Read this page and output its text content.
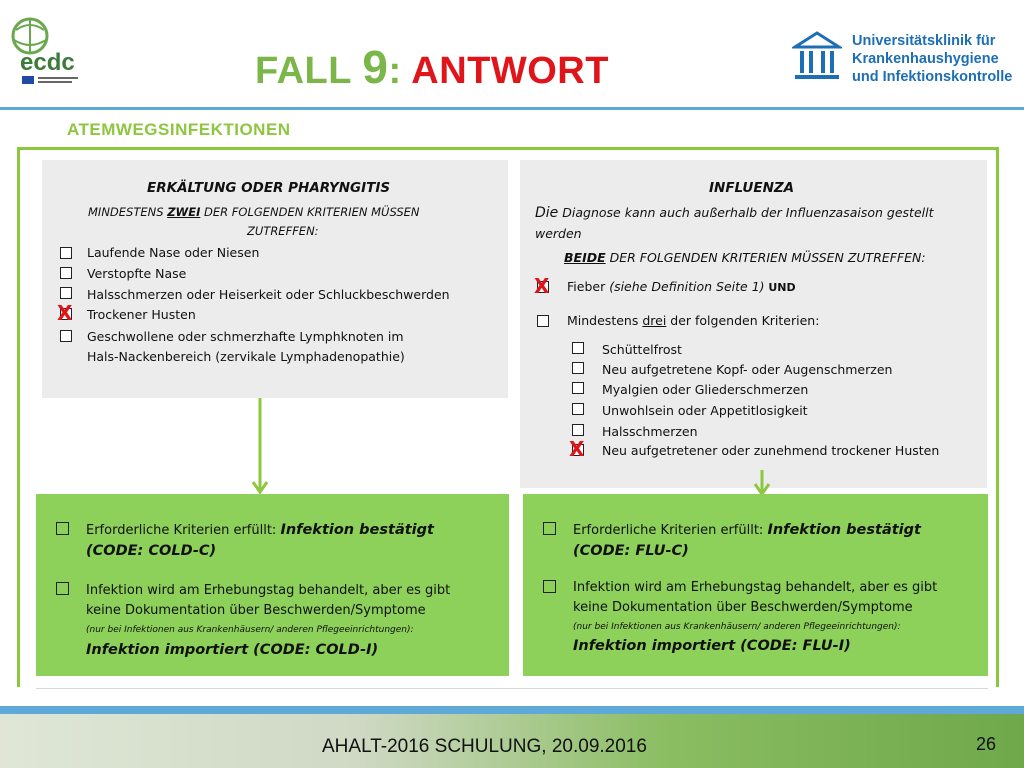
ecdc	FALL 9: ANTWORT
Universitätsklinik für
Krankenhaushygiene
und Infektionskontrolle
ATEMWEGSINFEKTIONEN
ERKÄLTUNG ODER PHARYNGITIS
MINDESTENS ZWEI DER FOLGENDEN KRITERIEN MÜSSEN
ZUTREFFEN:
Laufende Nase oder Niesen
Verstopfte Nase
Halsschmerzen oder Heiserkeit oder Schluckbeschwerden
X Trockener Husten
Geschwollene oder schmerzhafte Lymphknoten im
Hals-Nackenbereich (zervikale Lymphadenopathie)
INFLUENZA
Die Diagnose kann auch außerhalb der Influenzasaison gestellt
werden
BEIDE DER FOLGENDEN KRITERIEN MÜSSEN ZUTREFFEN:
X Fieber (siehe Definition Seite 1) UND
Mindestens drei der folgenden Kriterien:
Schüttelfrost
Neu aufgetretene Kopf- oder Augenschmerzen
Myalgien oder Gliederschmerzen
Unwohlsein oder Appetitlosigkeit
Halsschmerzen
X Neu aufgetretener oder zunehmend trockener Husten
Erforderliche Kriterien erfüllt: Infektion bestätigt
(CODE: COLD-C)
Infektion wird am Erhebungstag behandelt, aber es gibt
keine Dokumentation über Beschwerden/Symptome
(nur bei Infektionen aus Krankenhäusern/ anderen Pflegeeinrichtungen):
Infektion importiert (CODE: COLD-I)
Erforderliche Kriterien erfüllt: Infektion bestätigt
(CODE: FLU-C)
Infektion wird am Erhebungstag behandelt, aber es gibt
keine Dokumentation über Beschwerden/Symptome
(nur bei Infektionen aus Krankenhäusern/ anderen Pflegeeinrichtungen):
Infektion importiert (CODE: FLU-I)
AHALT-2016 SCHULUNG, 20.09.2016	26
